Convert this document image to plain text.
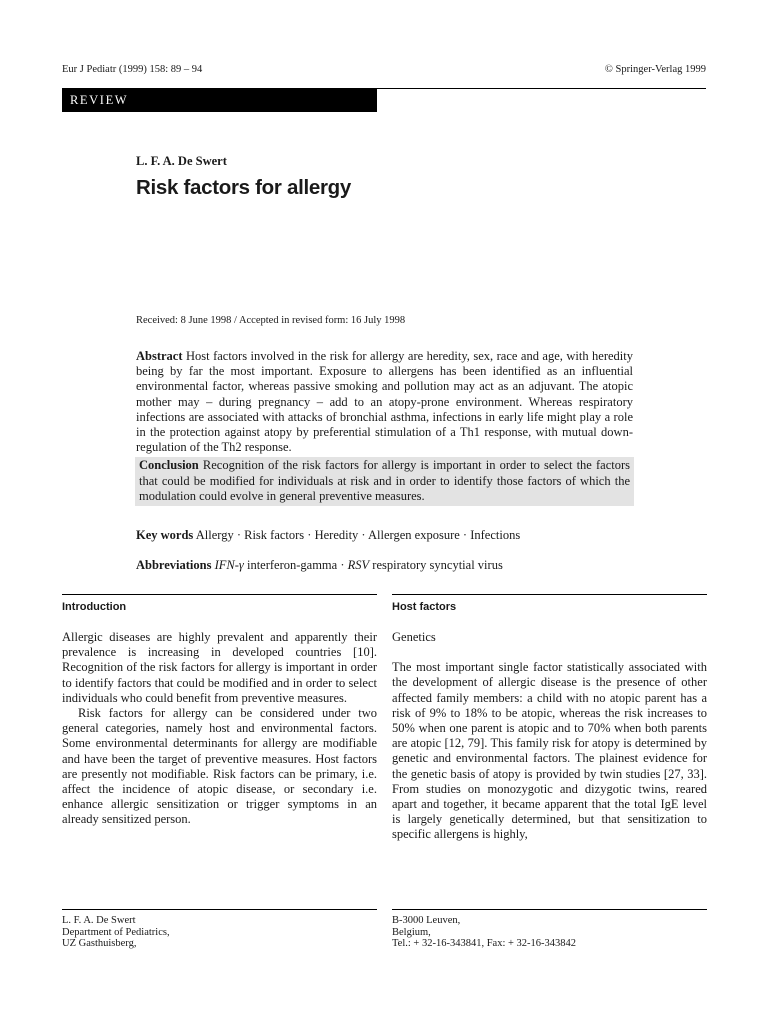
Eur J Pediatr (1999) 158: 89 – 94	© Springer-Verlag 1999
REVIEW
L. F. A. De Swert
Risk factors for allergy
Received: 8 June 1998 / Accepted in revised form: 16 July 1998

Abstract Host factors involved in the risk for allergy are heredity, sex, race and age, with heredity being by far the most important. Exposure to allergens has been identified as an influential environmental factor, whereas passive smoking and pollution may act as an adjuvant. The atopic mother may – during pregnancy – add to an atopy-prone environment. Whereas respiratory infections are associated with attacks of bronchial asthma, infections in early life might play a role in the protection against atopy by preferential stimulation of a Th1 response, with mutual down-regulation of the Th2 response.

Conclusion Recognition of the risk factors for allergy is important in order to select the factors that could be modified for individuals at risk and in order to identify those factors of which the modulation could evolve in general preventive measures.
Key words Allergy · Risk factors · Heredity · Allergen exposure · Infections
Abbreviations IFN-γ interferon-gamma · RSV respiratory syncytial virus
Introduction	Host factors

Allergic diseases are highly prevalent and apparently their prevalence is increasing in developed countries [10]. Recognition of the risk factors for allergy is important in order to identify factors that could be modified and in order to select individuals who could benefit from preventive measures.

Risk factors for allergy can be considered under two general categories, namely host and environmental factors. Some environmental determinants for allergy are modifiable and have been the target of preventive measures. Host factors are presently not modifiable. Risk factors can be primary, i.e. affect the incidence of atopic disease, or secondary i.e. enhance allergic sensitization or trigger symptoms in an already sensitized person.

Genetics

The most important single factor statistically associated with the development of allergic disease is the presence of other affected family members: a child with no atopic parent has a risk of 9% to 18% to be atopic, whereas the risk increases to 50% when one parent is atopic and to 70% when both parents are atopic [12, 79]. This family risk for atopy is determined by genetic and environmental factors. The plainest evidence for the genetic basis of atopy is provided by twin studies [27, 33]. From studies on monozygotic and dizygotic twins, reared apart and together, it became apparent that the total IgE level is largely genetically determined, but that sensitization to specific allergens is highly,

L. F. A. De Swert
Department of Pediatrics,
UZ Gasthuisberg,
B-3000 Leuven,
Belgium,
Tel.: + 32-16-343841, Fax: + 32-16-343842
